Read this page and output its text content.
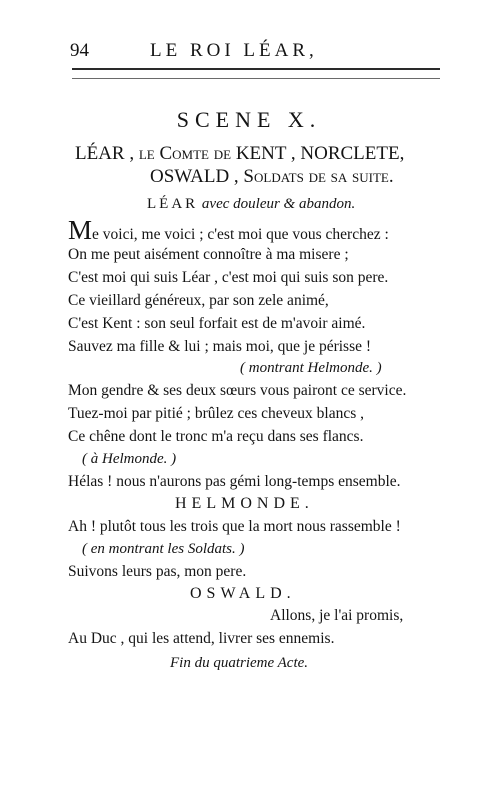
94	LE ROI LÉAR,
SCENE X.
LÉAR , le Comte de KENT , NORCLETE,
OSWALD , Soldats de sa suite.
LÉAR avec douleur & abandon.
Me voici, me voici ; c'est moi que vous cherchez :
On me peut aisément connoître à ma misere ;
C'est moi qui suis Léar , c'est moi qui suis son pere.
Ce vieillard généreux, par son zele animé,
C'est Kent : son seul forfait est de m'avoir aimé.
Sauvez ma fille & lui ; mais moi, que je périsse !
( montrant Helmonde. )
Mon gendre & ses deux sœurs vous pairont ce service.
Tuez-moi par pitié ; brûlez ces cheveux blancs ,
Ce chêne dont le tronc m'a reçu dans ses flancs.
( à Helmonde. )
Hélas ! nous n'aurons pas gémi long-temps ensemble.
HELMONDE.
Ah ! plutôt tous les trois que la mort nous rassemble !
( en montrant les Soldats. )
Suivons leurs pas, mon pere.
OSWALD.
Allons, je l'ai promis,
Au Duc , qui les attend, livrer ses ennemis.
Fin du quatrieme Acte.
